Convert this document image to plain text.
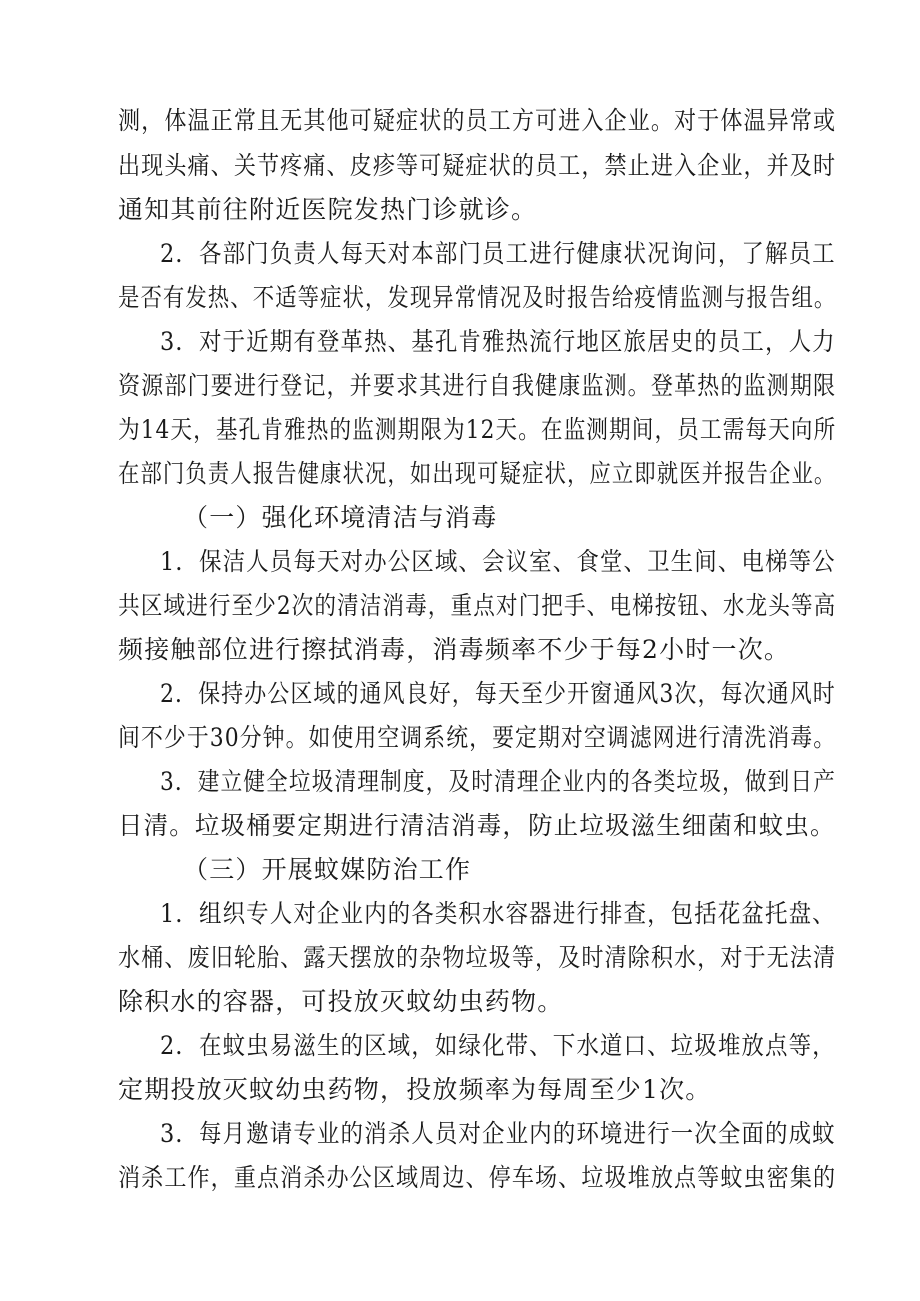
测，体温正常且无其他可疑症状的员工方可进入企业。对于体温异常或
出现头痛、关节疼痛、皮疹等可疑症状的员工，禁止进入企业，并及时
通知其前往附近医院发热门诊就诊。
2．各部门负责人每天对本部门员工进行健康状况询问，了解员工
是否有发热、不适等症状，发现异常情况及时报告给疫情监测与报告组。
3．对于近期有登革热、基孔肯雅热流行地区旅居史的员工，人力
资源部门要进行登记，并要求其进行自我健康监测。登革热的监测期限
为14天，基孔肯雅热的监测期限为12天。在监测期间，员工需每天向所
在部门负责人报告健康状况，如出现可疑症状，应立即就医并报告企业。
（一）强化环境清洁与消毒
1．保洁人员每天对办公区域、会议室、食堂、卫生间、电梯等公
共区域进行至少2次的清洁消毒，重点对门把手、电梯按钮、水龙头等高
频接触部位进行擦拭消毒，消毒频率不少于每2小时一次。
2．保持办公区域的通风良好，每天至少开窗通风3次，每次通风时
间不少于30分钟。如使用空调系统，要定期对空调滤网进行清洗消毒。
3．建立健全垃圾清理制度，及时清理企业内的各类垃圾，做到日产
日清。垃圾桶要定期进行清洁消毒，防止垃圾滋生细菌和蚊虫。
（三）开展蚊媒防治工作
1．组织专人对企业内的各类积水容器进行排查，包括花盆托盘、
水桶、废旧轮胎、露天摆放的杂物垃圾等，及时清除积水，对于无法清
除积水的容器，可投放灭蚊幼虫药物。
2．在蚊虫易滋生的区域，如绿化带、下水道口、垃圾堆放点等，
定期投放灭蚊幼虫药物，投放频率为每周至少1次。
3．每月邀请专业的消杀人员对企业内的环境进行一次全面的成蚊
消杀工作，重点消杀办公区域周边、停车场、垃圾堆放点等蚊虫密集的
